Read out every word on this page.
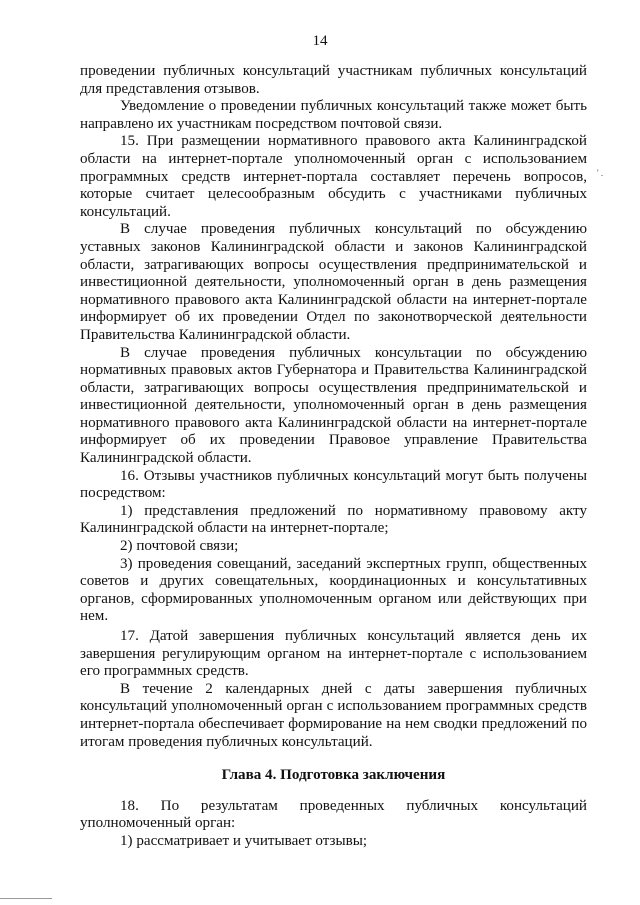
14

проведении публичных консультаций участникам публичных консультаций для представления отзывов.

Уведомление о проведении публичных консультаций также может быть направлено их участникам посредством почтовой связи.

15. При размещении нормативного правового акта Калининградской области на интернет-портале уполномоченный орган с использованием программных средств интернет-портала составляет перечень вопросов, которые считает целесообразным обсудить с участниками публичных консультаций.

В случае проведения публичных консультаций по обсуждению уставных законов Калининградской области и законов Калининградской области, затрагивающих вопросы осуществления предпринимательской и инвестиционной деятельности, уполномоченный орган в день размещения нормативного правового акта Калининградской области на интернет-портале информирует об их проведении Отдел по законотворческой деятельности Правительства Калининградской области.

В случае проведения публичных консультации по обсуждению нормативных правовых актов Губернатора и Правительства Калининградской области, затрагивающих вопросы осуществления предпринимательской и инвестиционной деятельности, уполномоченный орган в день размещения нормативного правового акта Калининградской области на интернет-портале информирует об их проведении Правовое управление Правительства Калининградской области.

16. Отзывы участников публичных консультаций могут быть получены посредством:

1) представления предложений по нормативному правовому акту Калининградской области на интернет-портале;

2) почтовой связи;

3) проведения совещаний, заседаний экспертных групп, общественных советов и других совещательных, координационных и консультативных органов, сформированных уполномоченным органом или действующих при нем.

17. Датой завершения публичных консультаций является день их завершения регулирующим органом на интернет-портале с использованием его программных средств.

В течение 2 календарных дней с даты завершения публичных консультаций уполномоченный орган с использованием программных средств интернет-портала обеспечивает формирование на нем сводки предложений по итогам проведения публичных консультаций.

Глава 4. Подготовка заключения

18. По результатам проведенных публичных консультаций уполномоченный орган:

1) рассматривает и учитывает отзывы;

' .
